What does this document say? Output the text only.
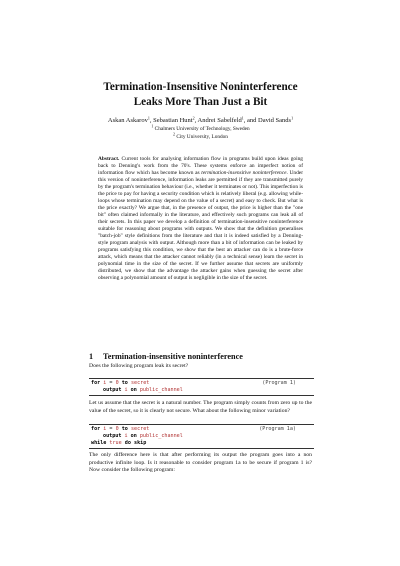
Termination-Insensitive Noninterference
Leaks More Than Just a Bit
Askan Askarov$^1$, Sebastian Hunt$^2$, Andrei Sabelfeld$^1$, and David Sands$^1$
$^1$ Chalmers University of Technology, Sweden
$^2$ City University, London
Abstract. Current tools for analysing information flow in programs build upon ideas going back to Denning's work from the 70's. These systems enforce an imperfect notion of information flow which has become known as termination-insensitive noninterference. Under this version of noninterference, information leaks are permitted if they are transmitted purely by the program's termination behaviour (i.e., whether it terminates or not). This imperfection is the price to pay for having a security condition which is relatively liberal (e.g. allowing while-loops whose termination may depend on the value of a secret) and easy to check. But what is the price exactly? We argue that, in the presence of output, the price is higher than the "one bit" often claimed informally in the literature, and effectively such programs can leak all of their secrets. In this paper we develop a definition of termination-insensitive noninterference suitable for reasoning about programs with outputs. We show that the definition generalises "batch-job" style definitions from the literature and that it is indeed satisfied by a Denning-style program analysis with output. Although more than a bit of information can be leaked by programs satisfying this condition, we show that the best an attacker can do is a brute-force attack, which means that the attacker cannot reliably (in a technical sense) learn the secret in polynomial time in the size of the secret. If we further assume that secrets are uniformly distributed, we show that the advantage the attacker gains when guessing the secret after observing a polynomial amount of output is negligible in the size of the secret.
1 Termination-insensitive noninterference
Does the following program leak its secret?
for i = 0 to secret	(Program 1)
output i on public_channel
Let us assume that the secret is a natural number. The program simply counts from zero up to the value of the secret, so it is clearly not secure. What about the following minor variation?
for i = 0 to secret	(Program 1a)
output i on public_channel
while true do skip
The only difference here is that after performing its output the program goes into a non productive infinite loop. Is it reasonable to consider program 1a to be secure if program 1 is? Now consider the following program:
